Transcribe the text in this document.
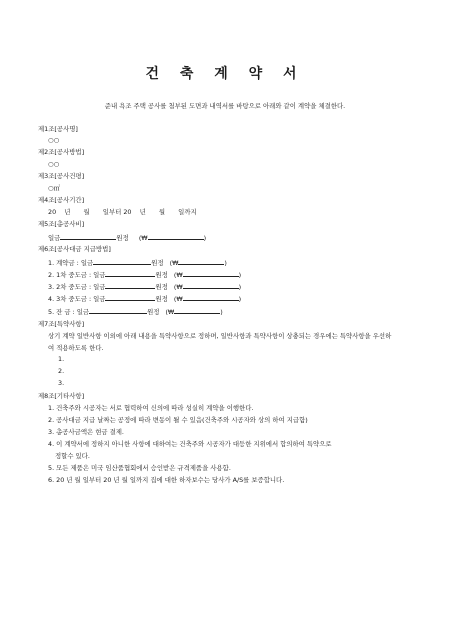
건 축 계 약 서
준내 욕조 주택 공사를 첨부된 도면과 내역서를 바탕으로 아래와 같이 계약을 체결한다.
제1조[공사명]
○○
제2조[공사방법]
○○
제3조[공사건평]
○㎡
제4조[공사기간]
20 년 월 일부터 20 년 월 일까지
제5조[총공사비]
일금	원정 (₩	)
제6조[공사대금 지급방법]
1. 계약금 : 일금	원정 (₩	)
2. 1차 중도금 : 일금	원정 (₩	)
3. 2차 중도금 : 일금	원정 (₩	)
4. 3차 중도금 : 일금	원정 (₩	)
5. 잔 금 : 일금	원정 (₩	)
제7조[특약사항]
상기 계약 일반사항 이외에 아래 내용을 특약사항으로 정하며, 일반사항과 특약사항이 상충되는 경우에는 특약사항을 우선하여 적용하도록 한다.
1.
2.
3.
제8조[기타사항]
1. 건축주와 시공자는 서로 협력하여 신의에 따라 성실히 계약을 이행한다.
2. 공사대금 지급 날짜는 공정에 따라 변동이 될 수 있음(건축주와 시공자와 상의 하여 지급함)
3. 총공사금액은 현금 결제.
4. 이 계약서에 정하지 아니한 사항에 대하여는 건축주와 시공자가 대등한 지위에서 합의하여 특약으로
정할수 있다.
5. 모든 제품은 미국 임산품협회에서 승인받은 규격제품을 사용함.
6. 20 년 월 일부터 20 년 월 일까지 집에 대한 하자보수는 당사가 A/S를 보증합니다.
